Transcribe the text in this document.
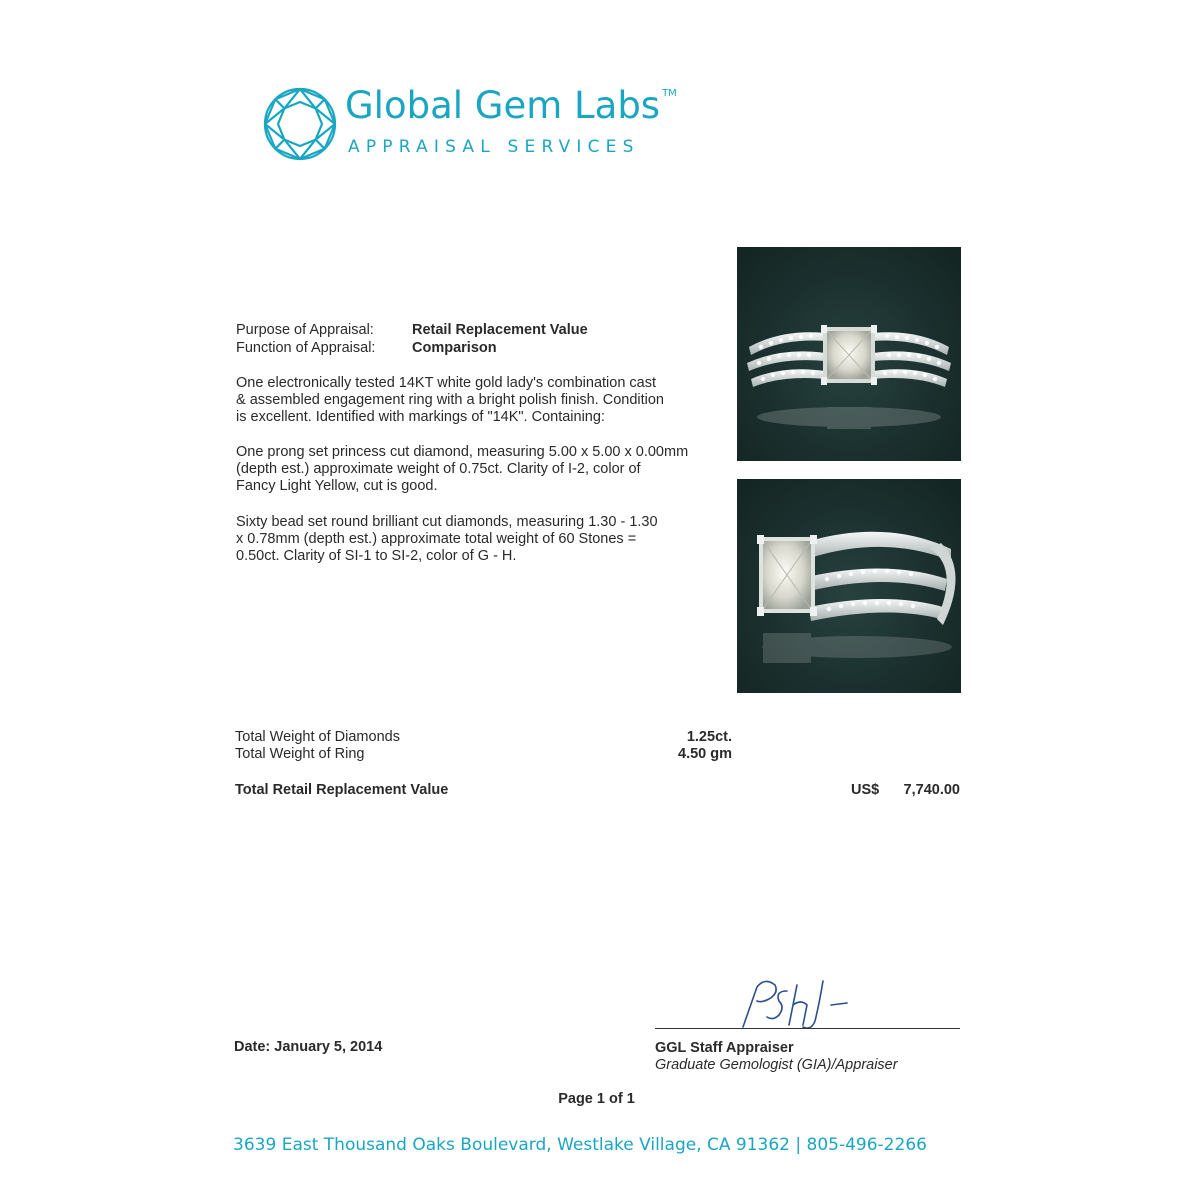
Global Gem Labs ™
APPRAISAL SERVICES
Purpose of Appraisal:	Retail Replacement Value
Function of Appraisal:	Comparison
One electronically tested 14KT white gold lady's combination cast
& assembled engagement ring with a bright polish finish. Condition
is excellent. Identified with markings of "14K". Containing:
One prong set princess cut diamond, measuring 5.00 x 5.00 x 0.00mm
(depth est.) approximate weight of 0.75ct. Clarity of I-2, color of
Fancy Light Yellow, cut is good.
Sixty bead set round brilliant cut diamonds, measuring 1.30 - 1.30
x 0.78mm (depth est.) approximate total weight of 60 Stones =
0.50ct. Clarity of SI-1 to SI-2, color of G - H.
Total Weight of Diamonds	1.25ct.
Total Weight of Ring	4.50 gm
Total Retail Replacement Value	US$	7,740.00
Date: January 5, 2014	GGL Staff Appraiser
Graduate Gemologist (GIA)/Appraiser
Page 1 of 1
3639 East Thousand Oaks Boulevard, Westlake Village, CA 91362 | 805-496-2266
